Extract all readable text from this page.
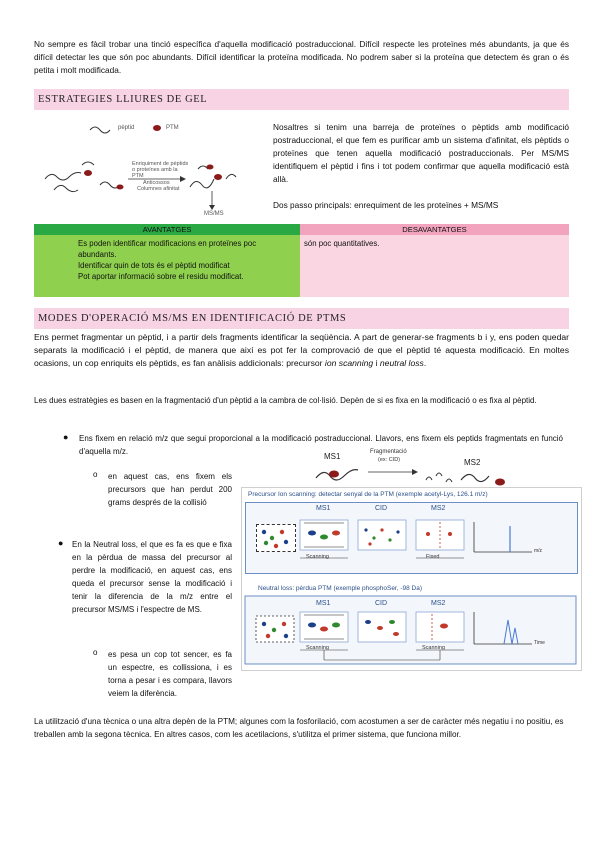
No sempre es fàcil trobar una tinció específica d'aquella modificació postraduccional. Difícil respecte les proteïnes més abundants, ja que és difícil detectar les que són poc abundants. Difícil identificar la proteïna modificada. No podrem saber si la proteïna que detectem és gran o és petita i molt modificada.

ESTRATEGIES LLIURES DE GEL
pèptid	PTM
Enriquiment de pèptids o proteïnes amb la PTM
Anticossos
Columnes afinitat
MS/MS

Nosaltres si tenim una barreja de proteïnes o pèptids amb modificació postraduccional, el que fem es purificar amb un sistema d'afinitat, els pèptids o proteïnes que tenen aquella modificació postraduccionals. Per MS/MS identifiquem el pèptid i fins i tot podem confirmar que aquella modificació està allà.

Dos passo principals: enrequiment de les proteïnes + MS/MS

AVANTATGES	DESAVANTATGES

Es poden identificar modificacions en proteïnes poc abundants.
Identificar quin de tots és el pèptid modificat
Pot aportar informació sobre el residu modificat.	són poc quantitatives.
MODES D'OPERACIÓ MS/MS EN IDENTIFICACIÓ DE PTMS

Ens permet fragmentar un pèptid, i a partir dels fragments identificar la seqüència. A part de generar-se fragments b i y, ens poden quedar separats la modificació i el pèptid, de manera que així es pot fer la comprovació de que el pèptid té aquesta modificació. En moltes ocasions, un cop enriquits els pèptids, es fan anàlisis addicionals: precursor ion scanning i neutral loss.

Les dues estratègies es basen en la fragmentació d'un pèptid a la cambra de col·lisió. Depèn de si es fixa en la modificació o es fixa al pèptid.

● Ens fixem en relació m/z que segui proporcional a la modificació postraduccional. Llavors, ens fixem els peptids fragmentats en funció d'aquella m/z.

o en aquest cas, ens fixem els precursors que han perdut 200 grams després de la collisió

● En la Neutral loss, el que es fa es que e fixa en la pèrdua de massa del precursor al perdre la modificació, en aquest cas, ens queda el precursor sense la modificació i tenir la diferencia de la m/z entre el precursor MS/MS i l'espectre de MS.

o es pesa un cop tot sencer, es fa un espectre, es collissiona, i es torna a pesar i es compara, llavors veiem la diferència.

MS1	Fragmentació
(ex: CID)	MS2
Precursor Ion scanning: detectar senyal de la PTM (exemple acetyl-Lys, 126.1 m/z)
MS1	CID	MS2
Scanning	Fixed
m/z
Neutral loss: pèrdua PTM (exemple phosphoSer, -98 Da)
MS1	CID	MS2
Scanning	Scanning
Time

La utilització d'una tècnica o una altra depèn de la PTM; algunes com la fosforilació, com acostumen a ser de caràcter més negatiu i no positiu, es treballen amb la segona tècnica. En altres casos, com les acetilacions, s'utilitza el primer sistema, que funciona millor.
